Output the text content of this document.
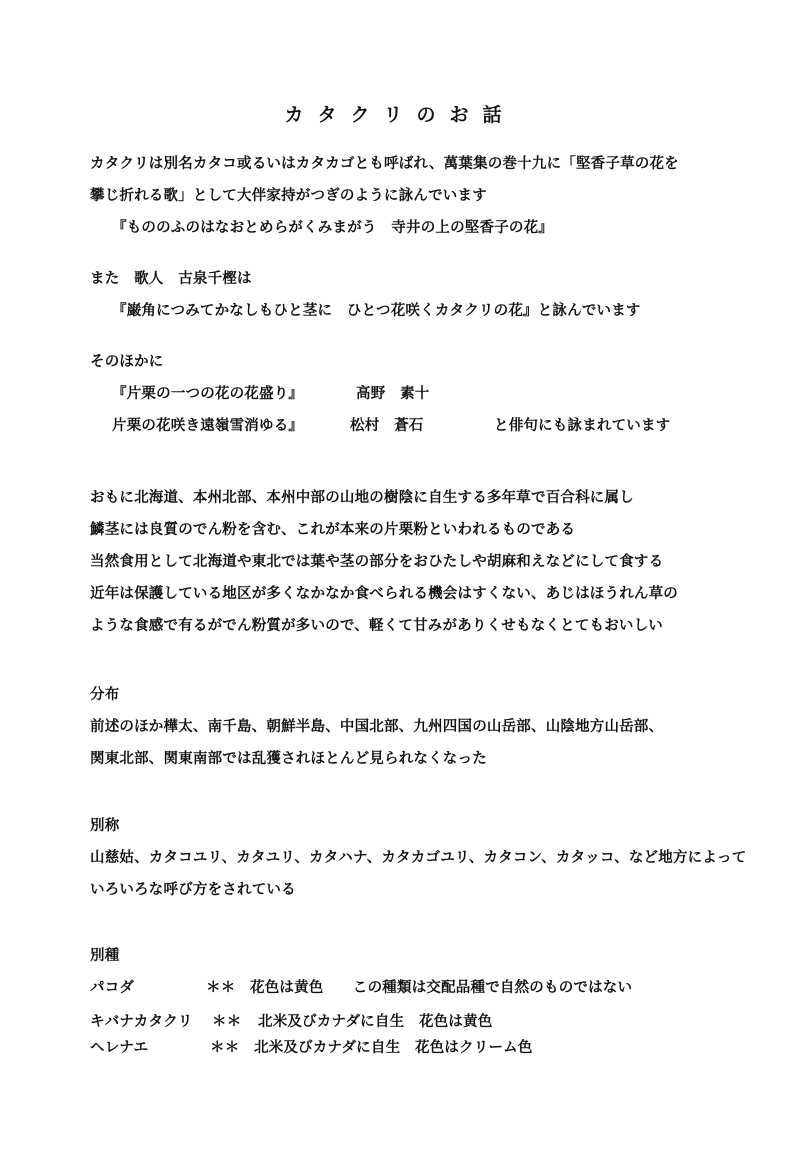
カタクリのお話
カタクリは別名カタコ或るいはカタカゴとも呼ばれ、萬葉集の巻十九に「堅香子草の花を
攀じ折れる歌」として大伴家持がつぎのように詠んでいます
『もののふのはなおとめらがくみまがう　寺井の上の堅香子の花』
また　歌人　古泉千樫は
『巌角につみてかなしもひと茎に　ひとつ花咲くカタクリの花』と詠んでいます
そのほかに
『片栗の一つの花の花盛り』	高野　素十
片栗の花咲き遠嶺雪消ゆる』	松村　蒼石	と俳句にも詠まれています
おもに北海道、本州北部、本州中部の山地の樹陰に自生する多年草で百合科に属し
鱗茎には良質のでん粉を含む、これが本来の片栗粉といわれるものである
当然食用として北海道や東北では葉や茎の部分をおひたしや胡麻和えなどにして食する
近年は保護している地区が多くなかなか食べられる機会はすくない、あじはほうれん草の
ような食感で有るがでん粉質が多いので、軽くて甘みがありくせもなくとてもおいしい
分布
前述のほか樺太、南千島、朝鮮半島、中国北部、九州四国の山岳部、山陰地方山岳部、
関東北部、関東南部では乱獲されほとんど見られなくなった
別称
山慈姑、カタコユリ、カタユリ、カタハナ、カタカゴユリ、カタコン、カタッコ、など地方によって
いろいろな呼び方をされている
別種
パコダ	＊＊ 花色は黄色　　この種類は交配品種で自然のものではない
キバナカタクリ ＊＊ 北米及びカナダに自生　花色は黄色
ヘレナエ	＊＊ 北米及びカナダに自生　花色はクリーム色
